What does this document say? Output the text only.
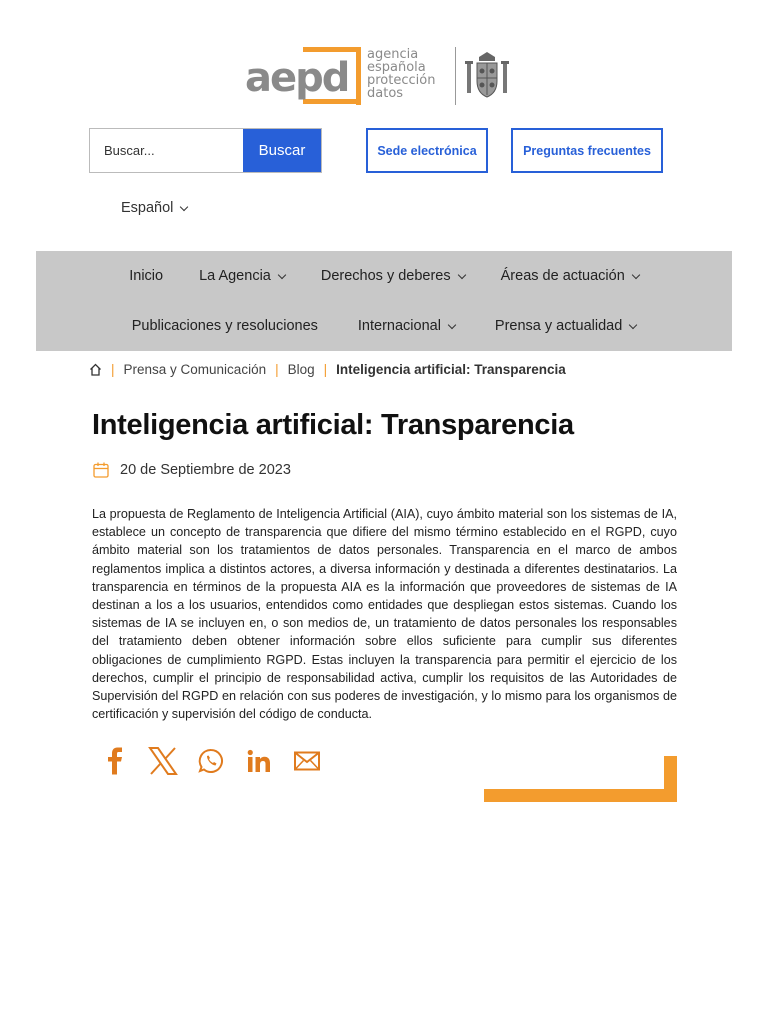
aepd
agencia
española
protección
datos
Buscar...
Buscar	Sede electrónica	Preguntas frecuentes
Español
Inicio La Agencia	Derechos y deberes	Áreas de actuación
Publicaciones y resoluciones	Internacional	Prensa y actualidad
| Prensa y Comunicación | Blog | Inteligencia artificial: Transparencia
Inteligencia artificial: Transparencia
20 de Septiembre de 2023

La propuesta de Reglamento de Inteligencia Artificial (AIA), cuyo ámbito material son los sistemas de IA, establece un concepto de transparencia que difiere del mismo término establecido en el RGPD, cuyo ámbito material son los tratamientos de datos personales. Transparencia en el marco de ambos reglamentos implica a distintos actores, a diversa información y destinada a diferentes destinatarios. La transparencia en términos de la propuesta AIA es la información que proveedores de sistemas de IA destinan a los a los usuarios, entendidos como entidades que despliegan estos sistemas. Cuando los sistemas de IA se incluyen en, o son medios de, un tratamiento de datos personales los responsables del tratamiento deben obtener información sobre ellos suficiente para cumplir sus diferentes obligaciones de cumplimiento RGPD. Estas incluyen la transparencia para permitir el ejercicio de los derechos, cumplir el principio de responsabilidad activa, cumplir los requisitos de las Autoridades de Supervisión del RGPD en relación con sus poderes de investigación, y lo mismo para los organismos de certificación y supervisión del código de conducta.
